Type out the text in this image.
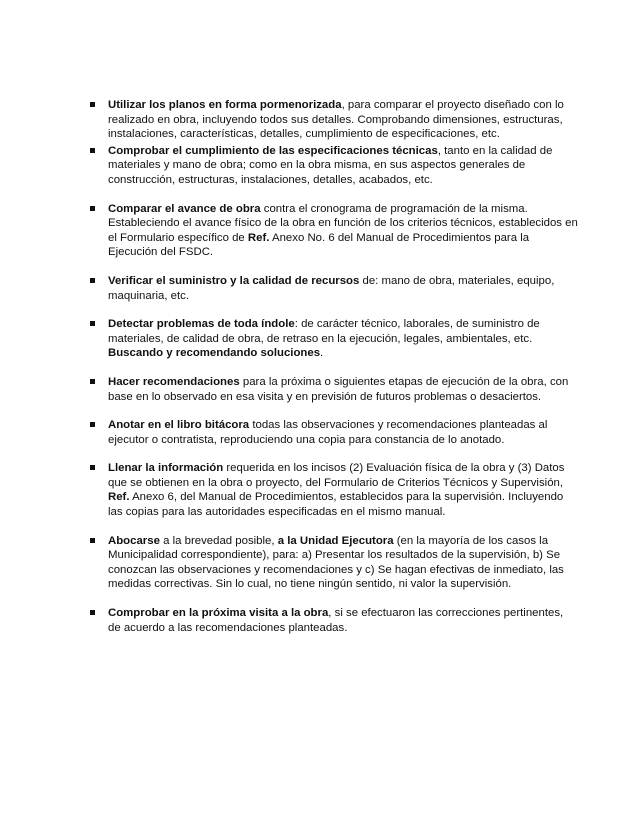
Utilizar los planos en forma pormenorizada, para comparar el proyecto diseñado con lo realizado en obra, incluyendo todos sus detalles. Comprobando dimensiones, estructuras, instalaciones, características, detalles, cumplimiento de especificaciones, etc.
Comprobar el cumplimiento de las especificaciones técnicas, tanto en la calidad de materiales y mano de obra; como en la obra misma, en sus aspectos generales de construcción, estructuras, instalaciones, detalles, acabados, etc.
Comparar el avance de obra contra el cronograma de programación de la misma. Estableciendo el avance físico de la obra en función de los criterios técnicos, establecidos en el Formulario específico de Ref. Anexo No. 6 del Manual de Procedimientos para la Ejecución del FSDC.
Verificar el suministro y la calidad de recursos de: mano de obra, materiales, equipo, maquinaria, etc.
Detectar problemas de toda índole: de carácter técnico, laborales, de suministro de materiales, de calidad de obra, de retraso en la ejecución, legales, ambientales, etc. Buscando y recomendando soluciones.
Hacer recomendaciones para la próxima o siguientes etapas de ejecución de la obra, con base en lo observado en esa visita y en previsión de futuros problemas o desaciertos.
Anotar en el libro bitácora todas las observaciones y recomendaciones planteadas al ejecutor o contratista, reproduciendo una copia para constancia de lo anotado.
Llenar la información requerida en los incisos (2) Evaluación física de la obra y (3) Datos que se obtienen en la obra o proyecto, del Formulario de Criterios Técnicos y Supervisión, Ref. Anexo 6, del Manual de Procedimientos, establecidos para la supervisión. Incluyendo las copias para las autoridades especificadas en el mismo manual.
Abocarse a la brevedad posible, a la Unidad Ejecutora (en la mayoría de los casos la Municipalidad correspondiente), para: a) Presentar los resultados de la supervisión, b) Se conozcan las observaciones y recomendaciones y c) Se hagan efectivas de inmediato, las medidas correctivas. Sin lo cual, no tiene ningún sentido, ni valor la supervisión.
Comprobar en la próxima visita a la obra, si se efectuaron las correcciones pertinentes, de acuerdo a las recomendaciones planteadas.
